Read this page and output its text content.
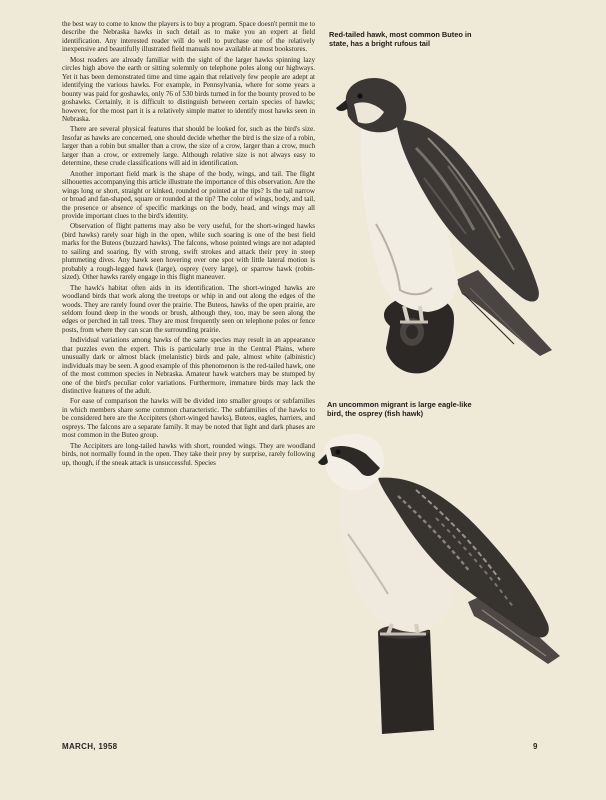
the best way to come to know the players is to buy a program. Space doesn't permit me to describe the Nebraska hawks in such detail as to make you an expert at field identification. Any interested reader will do well to purchase one of the relatively inexpensive and beautifully illustrated field manuals now available at most bookstores.

Most readers are already familiar with the sight of the larger hawks spinning lazy circles high above the earth or sitting solemnly on telephone poles along our highways. Yet it has been demonstrated time and time again that relatively few people are adept at identifying the various hawks. For example, in Pennsylvania, where for some years a bounty was paid for goshawks, only 76 of 530 birds turned in for the bounty proved to be goshawks. Certainly, it is difficult to distinguish between certain species of hawks; however, for the most part it is a relatively simple matter to identify most hawks seen in Nebraska.

There are several physical features that should be looked for, such as the bird's size. Insofar as hawks are concerned, one should decide whether the bird is the size of a robin, larger than a robin but smaller than a crow, the size of a crow, larger than a crow, much larger than a crow, or extremely large. Although relative size is not always easy to determine, these crude classifications will aid in identification.

Another important field mark is the shape of the body, wings, and tail. The flight silhouettes accompanying this article illustrate the importance of this observation. Are the wings long or short, straight or kinked, rounded or pointed at the tips? Is the tail narrow or broad and fan-shaped, square or rounded at the tip? The color of wings, body, and tail, the presence or absence of specific markings on the body, head, and wings may all provide important clues to the bird's identity.

Observation of flight patterns may also be very useful, for the short-winged hawks (bird hawks) rarely soar high in the open, while such soaring is one of the best field marks for the Buteos (buzzard hawks). The falcons, whose pointed wings are not adapted to sailing and soaring, fly with strong, swift strokes and attack their prey in steep plummeting dives. Any hawk seen hovering over one spot with little lateral motion is probably a rough-legged hawk (large), osprey (very large), or sparrow hawk (robin-sized). Other hawks rarely engage in this flight maneuver.

The hawk's habitat often aids in its identification. The short-winged hawks are woodland birds that work along the treetops or whip in and out along the edges of the woods. They are rarely found over the prairie. The Buteos, hawks of the open prairie, are seldom found deep in the woods or brush, although they, too, may be seen along the edges or perched in tall trees. They are most frequently seen on telephone poles or fence posts, from where they can scan the surrounding prairie.

Individual variations among hawks of the same species may result in an appearance that puzzles even the expert. This is particularly true in the Central Plains, where unusually dark or almost black (melanistic) birds and pale, almost white (albinistic) individuals may be seen. A good example of this phenomenon is the red-tailed hawk, one of the most common species in Nebraska. Amateur hawk watchers may be stumped by one of the bird's peculiar color variations. Furthermore, immature birds may lack the distinctive features of the adult.

For ease of comparison the hawks will be divided into smaller groups or subfamilies in which members share some common characteristic. The subfamilies of the hawks to be considered here are the Accipiters (short-winged hawks), Buteos, eagles, harriers, and ospreys. The falcons are a separate family. It may be noted that light and dark phases are most common in the Buteo group.

The Accipiters are long-tailed hawks with short, rounded wings. They are woodland birds, not normally found in the open. They take their prey by surprise, rarely following up, though, if the sneak attack is unsuccessful. Species

Red-tailed hawk, most common Buteo in state, has a bright rufous tail
An uncommon migrant is large eagle-like bird, the osprey (fish hawk)
MARCH, 1958	9
